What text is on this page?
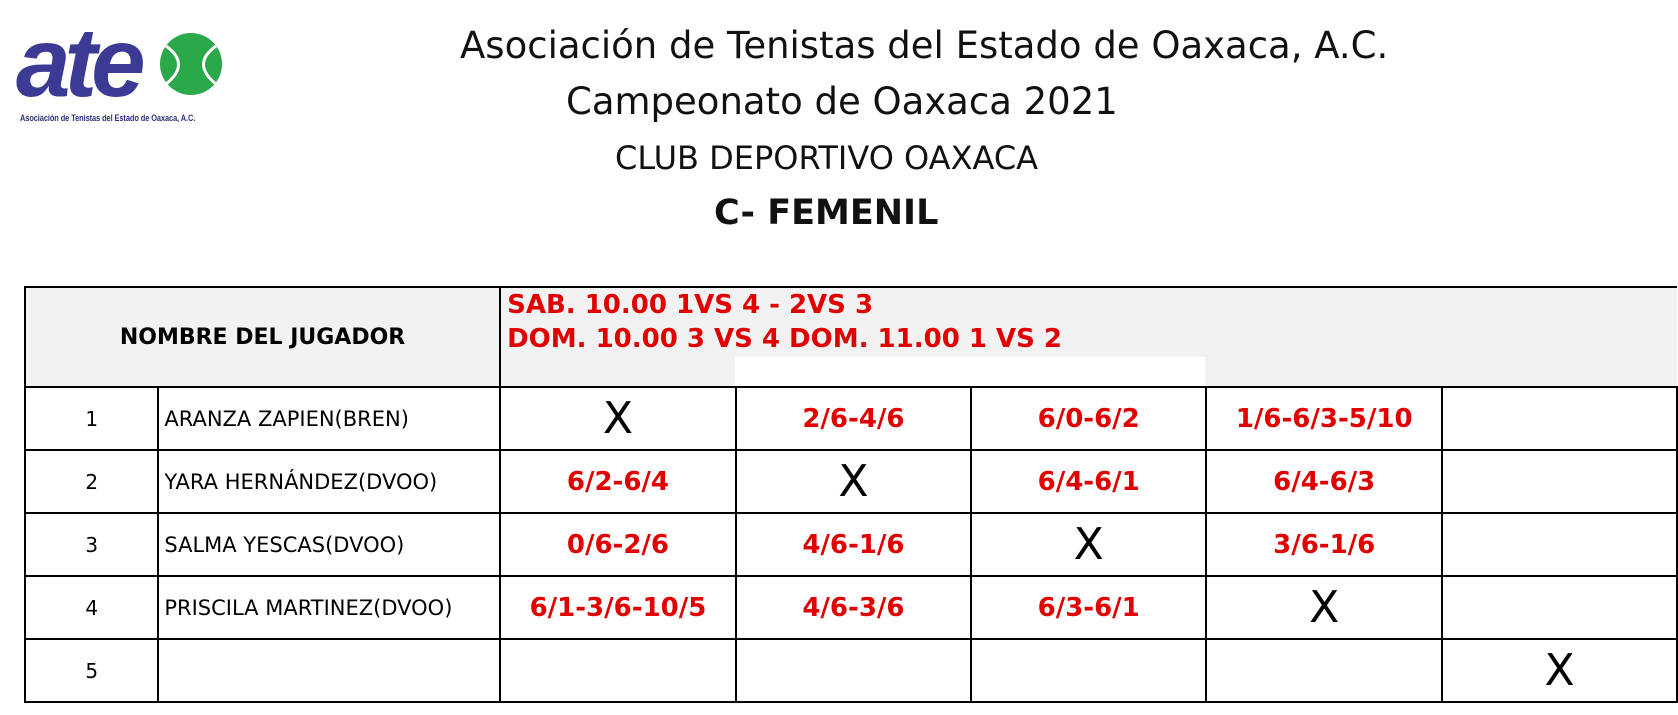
ate
Asociación de Tenistas del Estado de Oaxaca, A.C.
Asociación de Tenistas del Estado de Oaxaca, A.C.
Campeonato de Oaxaca 2021
CLUB DEPORTIVO OAXACA
C- FEMENIL
NOMBRE DEL JUGADOR		SAB. 10.00 1VS 4 - 2VS 3
DOM. 10.00 3 VS 4 DOM. 11.00 1 VS 2				

1	ARANZA ZAPIEN(BREN)	X	2/6-4/6	6/0-6/2	1/6-6/3-5/10	
2	YARA HERNÁNDEZ(DVOO)	6/2-6/4	X	6/4-6/1	6/4-6/3	
3	SALMA YESCAS(DVOO)	0/6-2/6	4/6-1/6	X	3/6-1/6	
4	PRISCILA MARTINEZ(DVOO)	6/1-3/6-10/5	4/6-3/6	6/3-6/1	X	
5						X
